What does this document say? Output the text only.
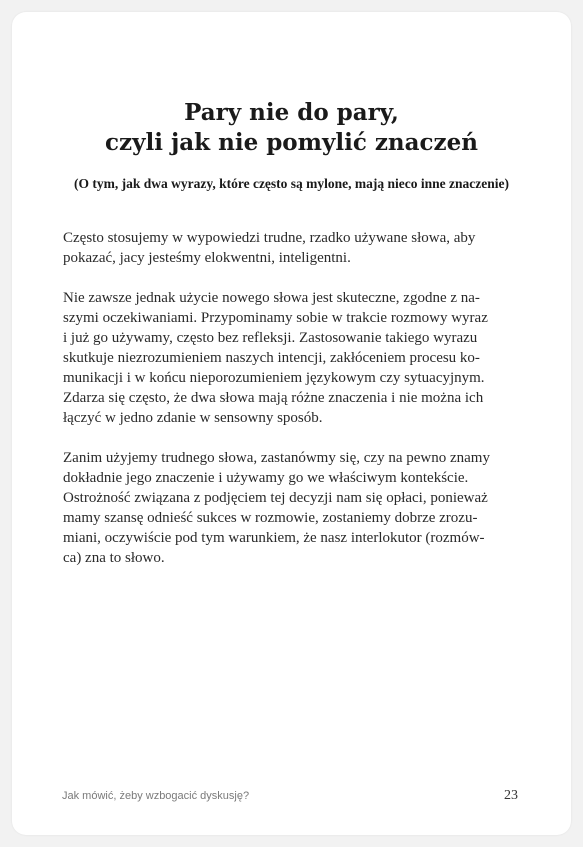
Pary nie do pary,
czyli jak nie pomylić znaczeń

(O tym, jak dwa wyrazy, które często są mylone, mają nieco inne znaczenie)

Często stosujemy w wypowiedzi trudne, rzadko używane słowa, aby
pokazać, jacy jesteśmy elokwentni, inteligentni.

Nie zawsze jednak użycie nowego słowa jest skuteczne, zgodne z na-
szymi oczekiwaniami. Przypominamy sobie w trakcie rozmowy wyraz
i już go używamy, często bez refleksji. Zastosowanie takiego wyrazu
skutkuje niezrozumieniem naszych intencji, zakłóceniem procesu ko-
munikacji i w końcu nieporozumieniem językowym czy sytuacyjnym.
Zdarza się często, że dwa słowa mają różne znaczenia i nie można ich
łączyć w jedno zdanie w sensowny sposób.

Zanim użyjemy trudnego słowa, zastanówmy się, czy na pewno znamy
dokładnie jego znaczenie i używamy go we właściwym kontekście.
Ostrożność związana z podjęciem tej decyzji nam się opłaci, ponieważ
mamy szansę odnieść sukces w rozmowie, zostaniemy dobrze zrozu-
miani, oczywiście pod tym warunkiem, że nasz interlokutor (rozmów-
ca) zna to słowo.

Jak mówić, żeby wzbogacić dyskusję?	23
